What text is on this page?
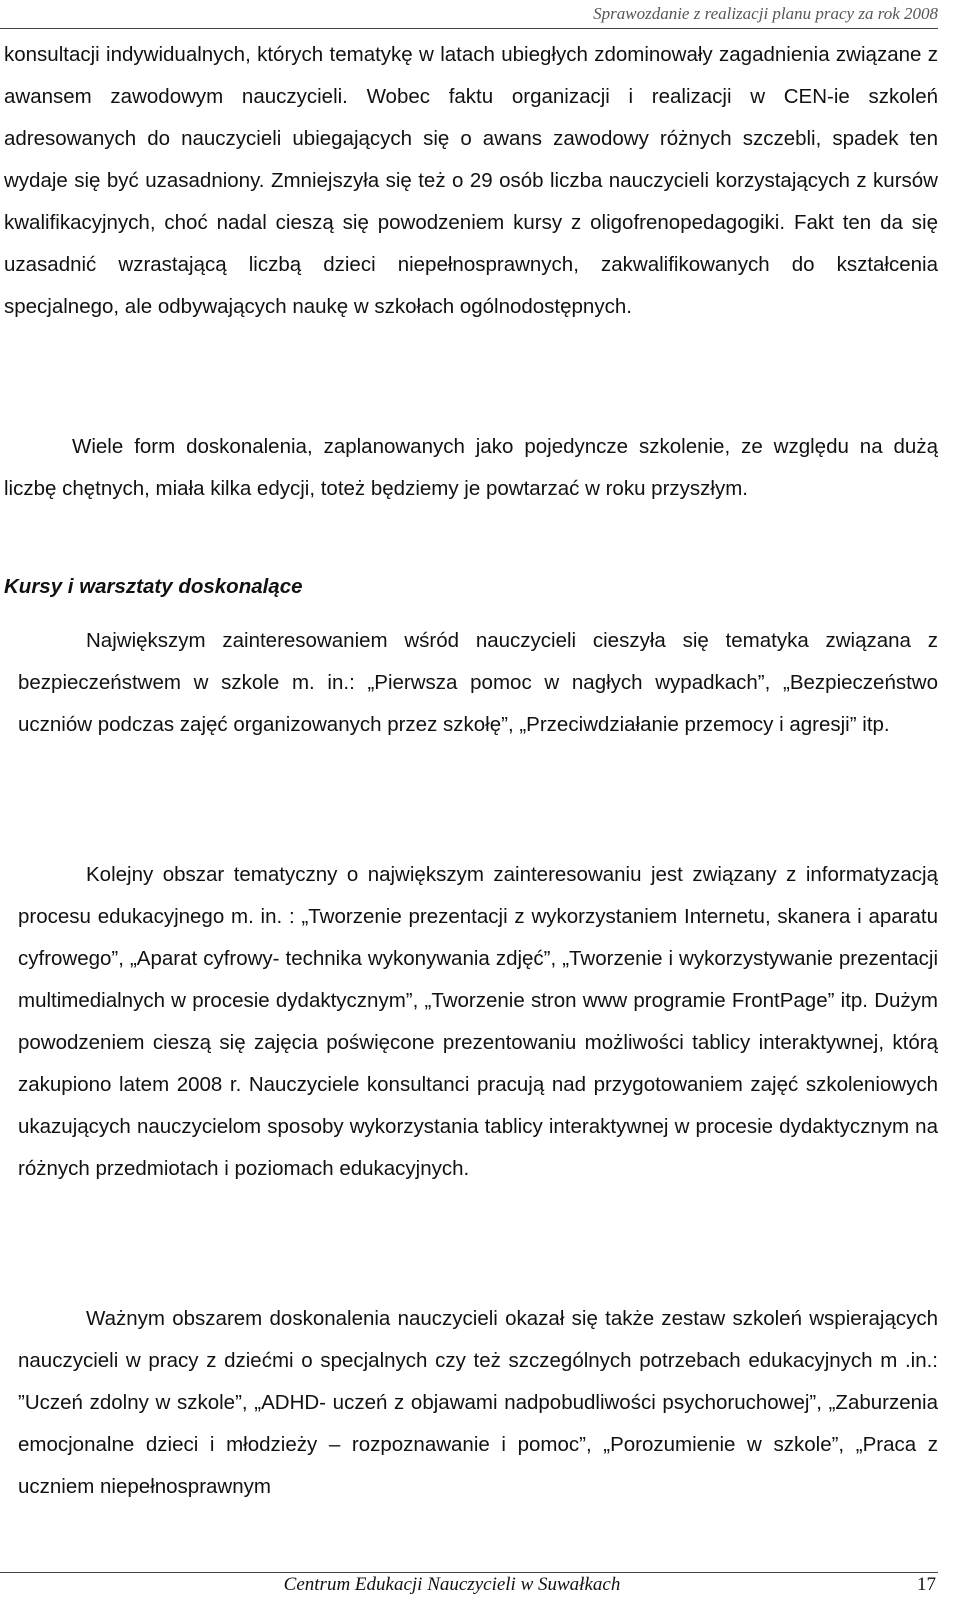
Sprawozdanie z realizacji planu pracy za rok 2008

konsultacji indywidualnych, których tematykę w latach ubiegłych zdominowały zagadnienia związane z awansem zawodowym nauczycieli. Wobec faktu organizacji i realizacji w CEN-ie szkoleń adresowanych do nauczycieli ubiegających się o awans zawodowy różnych szczebli, spadek ten wydaje się być uzasadniony. Zmniejszyła się też o 29 osób liczba nauczycieli korzystających z kursów kwalifikacyjnych, choć nadal cieszą się powodzeniem kursy z oligofrenopedagogiki. Fakt ten da się uzasadnić wzrastającą liczbą dzieci niepełnosprawnych, zakwalifikowanych do kształcenia specjalnego, ale odbywających naukę w szkołach ogólnodostępnych.

Wiele form doskonalenia, zaplanowanych jako pojedyncze szkolenie, ze względu na dużą liczbę chętnych, miała kilka edycji, toteż będziemy je powtarzać w roku przyszłym.

Kursy i warsztaty doskonalące

Największym zainteresowaniem wśród nauczycieli cieszyła się tematyka związana z bezpieczeństwem w szkole m. in.: „Pierwsza pomoc w nagłych wypadkach”, „Bezpieczeństwo uczniów podczas zajęć organizowanych przez szkołę”, „Przeciwdziałanie przemocy i agresji” itp.

Kolejny obszar tematyczny o największym zainteresowaniu jest związany z informatyzacją procesu edukacyjnego m. in. : „Tworzenie prezentacji z wykorzystaniem Internetu, skanera i aparatu cyfrowego”, „Aparat cyfrowy- technika wykonywania zdjęć”, „Tworzenie i wykorzystywanie prezentacji multimedialnych w procesie dydaktycznym”, „Tworzenie stron www programie FrontPage” itp. Dużym powodzeniem cieszą się zajęcia poświęcone prezentowaniu możliwości tablicy interaktywnej, którą zakupiono latem 2008 r. Nauczyciele konsultanci pracują nad przygotowaniem zajęć szkoleniowych ukazujących nauczycielom sposoby wykorzystania tablicy interaktywnej w procesie dydaktycznym na różnych przedmiotach i poziomach edukacyjnych.

Ważnym obszarem doskonalenia nauczycieli okazał się także zestaw szkoleń wspierających nauczycieli w pracy z dziećmi o specjalnych czy też szczególnych potrzebach edukacyjnych m .in.: ”Uczeń zdolny w szkole”, „ADHD- uczeń z objawami nadpobudliwości psychoruchowej”, „Zaburzenia emocjonalne dzieci i młodzieży – rozpoznawanie i pomoc”, „Porozumienie w szkole”, „Praca z uczniem niepełnosprawnym

Centrum Edukacji Nauczycieli w Suwałkach	17
